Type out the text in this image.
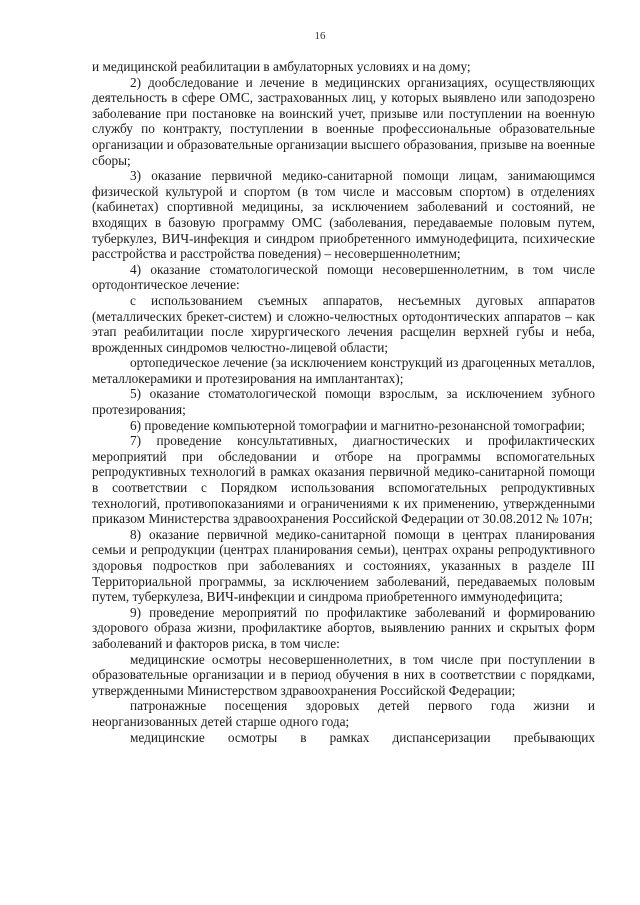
16

и медицинской реабилитации в амбулаторных условиях и на дому;

2) дообследование и лечение в медицинских организациях, осуществляющих деятельность в сфере ОМС, застрахованных лиц, у которых выявлено или заподозрено заболевание при постановке на воинский учет, призыве или поступлении на военную службу по контракту, поступлении в военные профессиональные образовательные организации и образовательные организации высшего образования, призыве на военные сборы;

3) оказание первичной медико-санитарной помощи лицам, занимающимся физической культурой и спортом (в том числе и массовым спортом) в отделениях (кабинетах) спортивной медицины, за исключением заболеваний и состояний, не входящих в базовую программу ОМС (заболевания, передаваемые половым путем, туберкулез, ВИЧ-инфекция и синдром приобретенного иммунодефицита, психические расстройства и расстройства поведения) – несовершеннолетним;

4) оказание стоматологической помощи несовершеннолетним, в том числе ортодонтическое лечение:

с использованием съемных аппаратов, несъемных дуговых аппаратов (металлических брекет-систем) и сложно-челюстных ортодонтических аппаратов – как этап реабилитации после хирургического лечения расщелин верхней губы и неба, врожденных синдромов челюстно-лицевой области;

ортопедическое лечение (за исключением конструкций из драгоценных металлов, металлокерамики и протезирования на имплантантах);

5) оказание стоматологической помощи взрослым, за исключением зубного протезирования;

6) проведение компьютерной томографии и магнитно-резонансной томографии;

7) проведение консультативных, диагностических и профилактических мероприятий при обследовании и отборе на программы вспомогательных репродуктивных технологий в рамках оказания первичной медико-санитарной помощи в соответствии с Порядком использования вспомогательных репродуктивных технологий, противопоказаниями и ограничениями к их применению, утвержденными приказом Министерства здравоохранения Российской Федерации от 30.08.2012 № 107н;

8) оказание первичной медико-санитарной помощи в центрах планирования семьи и репродукции (центрах планирования семьи), центрах охраны репродуктивного здоровья подростков при заболеваниях и состояниях, указанных в разделе III Территориальной программы, за исключением заболеваний, передаваемых половым путем, туберкулеза, ВИЧ-инфекции и синдрома приобретенного иммунодефицита;

9) проведение мероприятий по профилактике заболеваний и формированию здорового образа жизни, профилактике абортов, выявлению ранних и скрытых форм заболеваний и факторов риска, в том числе:

медицинские осмотры несовершеннолетних, в том числе при поступлении в образовательные организации и в период обучения в них в соответствии с порядками, утвержденными Министерством здравоохранения Российской Федерации;

патронажные посещения здоровых детей первого года жизни и неорганизованных детей старше одного года;

медицинские осмотры в рамках диспансеризации пребывающих
